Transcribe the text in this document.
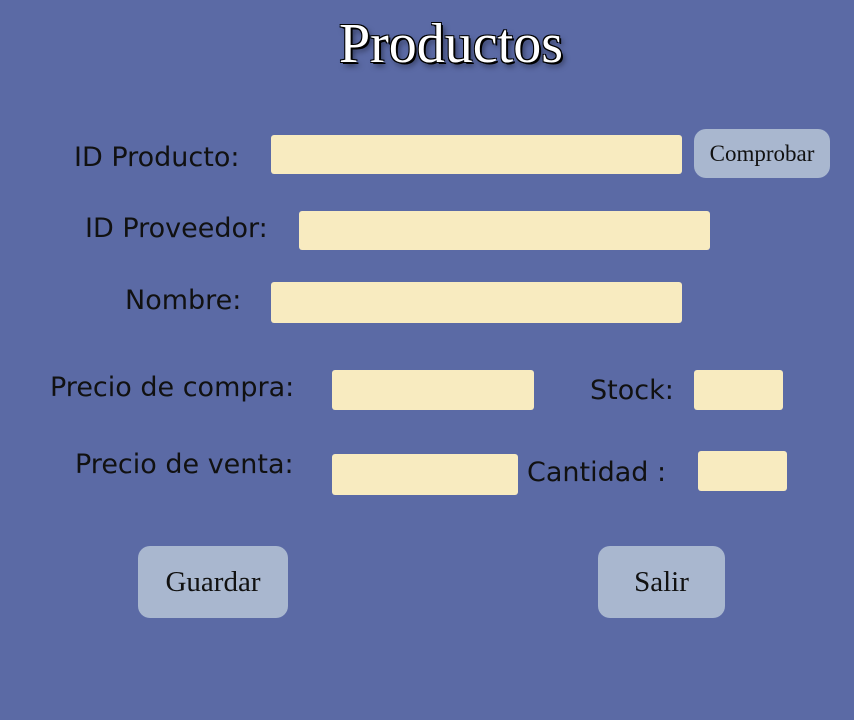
Productos
ID Producto:	Comprobar
ID Proveedor:
Nombre:
Precio de compra:	Stock:
Precio de venta:	Cantidad :
Guardar	Salir
